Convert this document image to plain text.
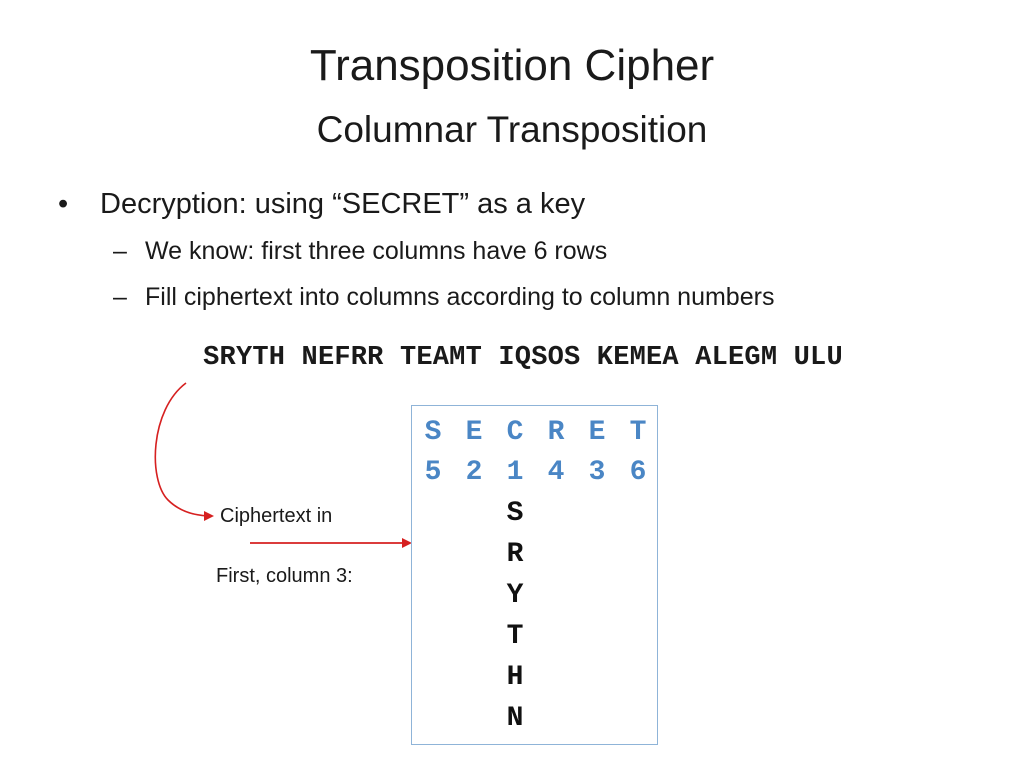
Transposition Cipher
Columnar Transposition
• Decryption: using “SECRET” as a key
– We know: first three columns have 6 rows
– Fill ciphertext into columns according to column numbers
SRYTH NEFRR TEAMT IQSOS KEMEA ALEGM ULU
Ciphertext in
First, column 3:
S E C R E T
5 2 1 4 3 6
S
R
Y
T
H
N
